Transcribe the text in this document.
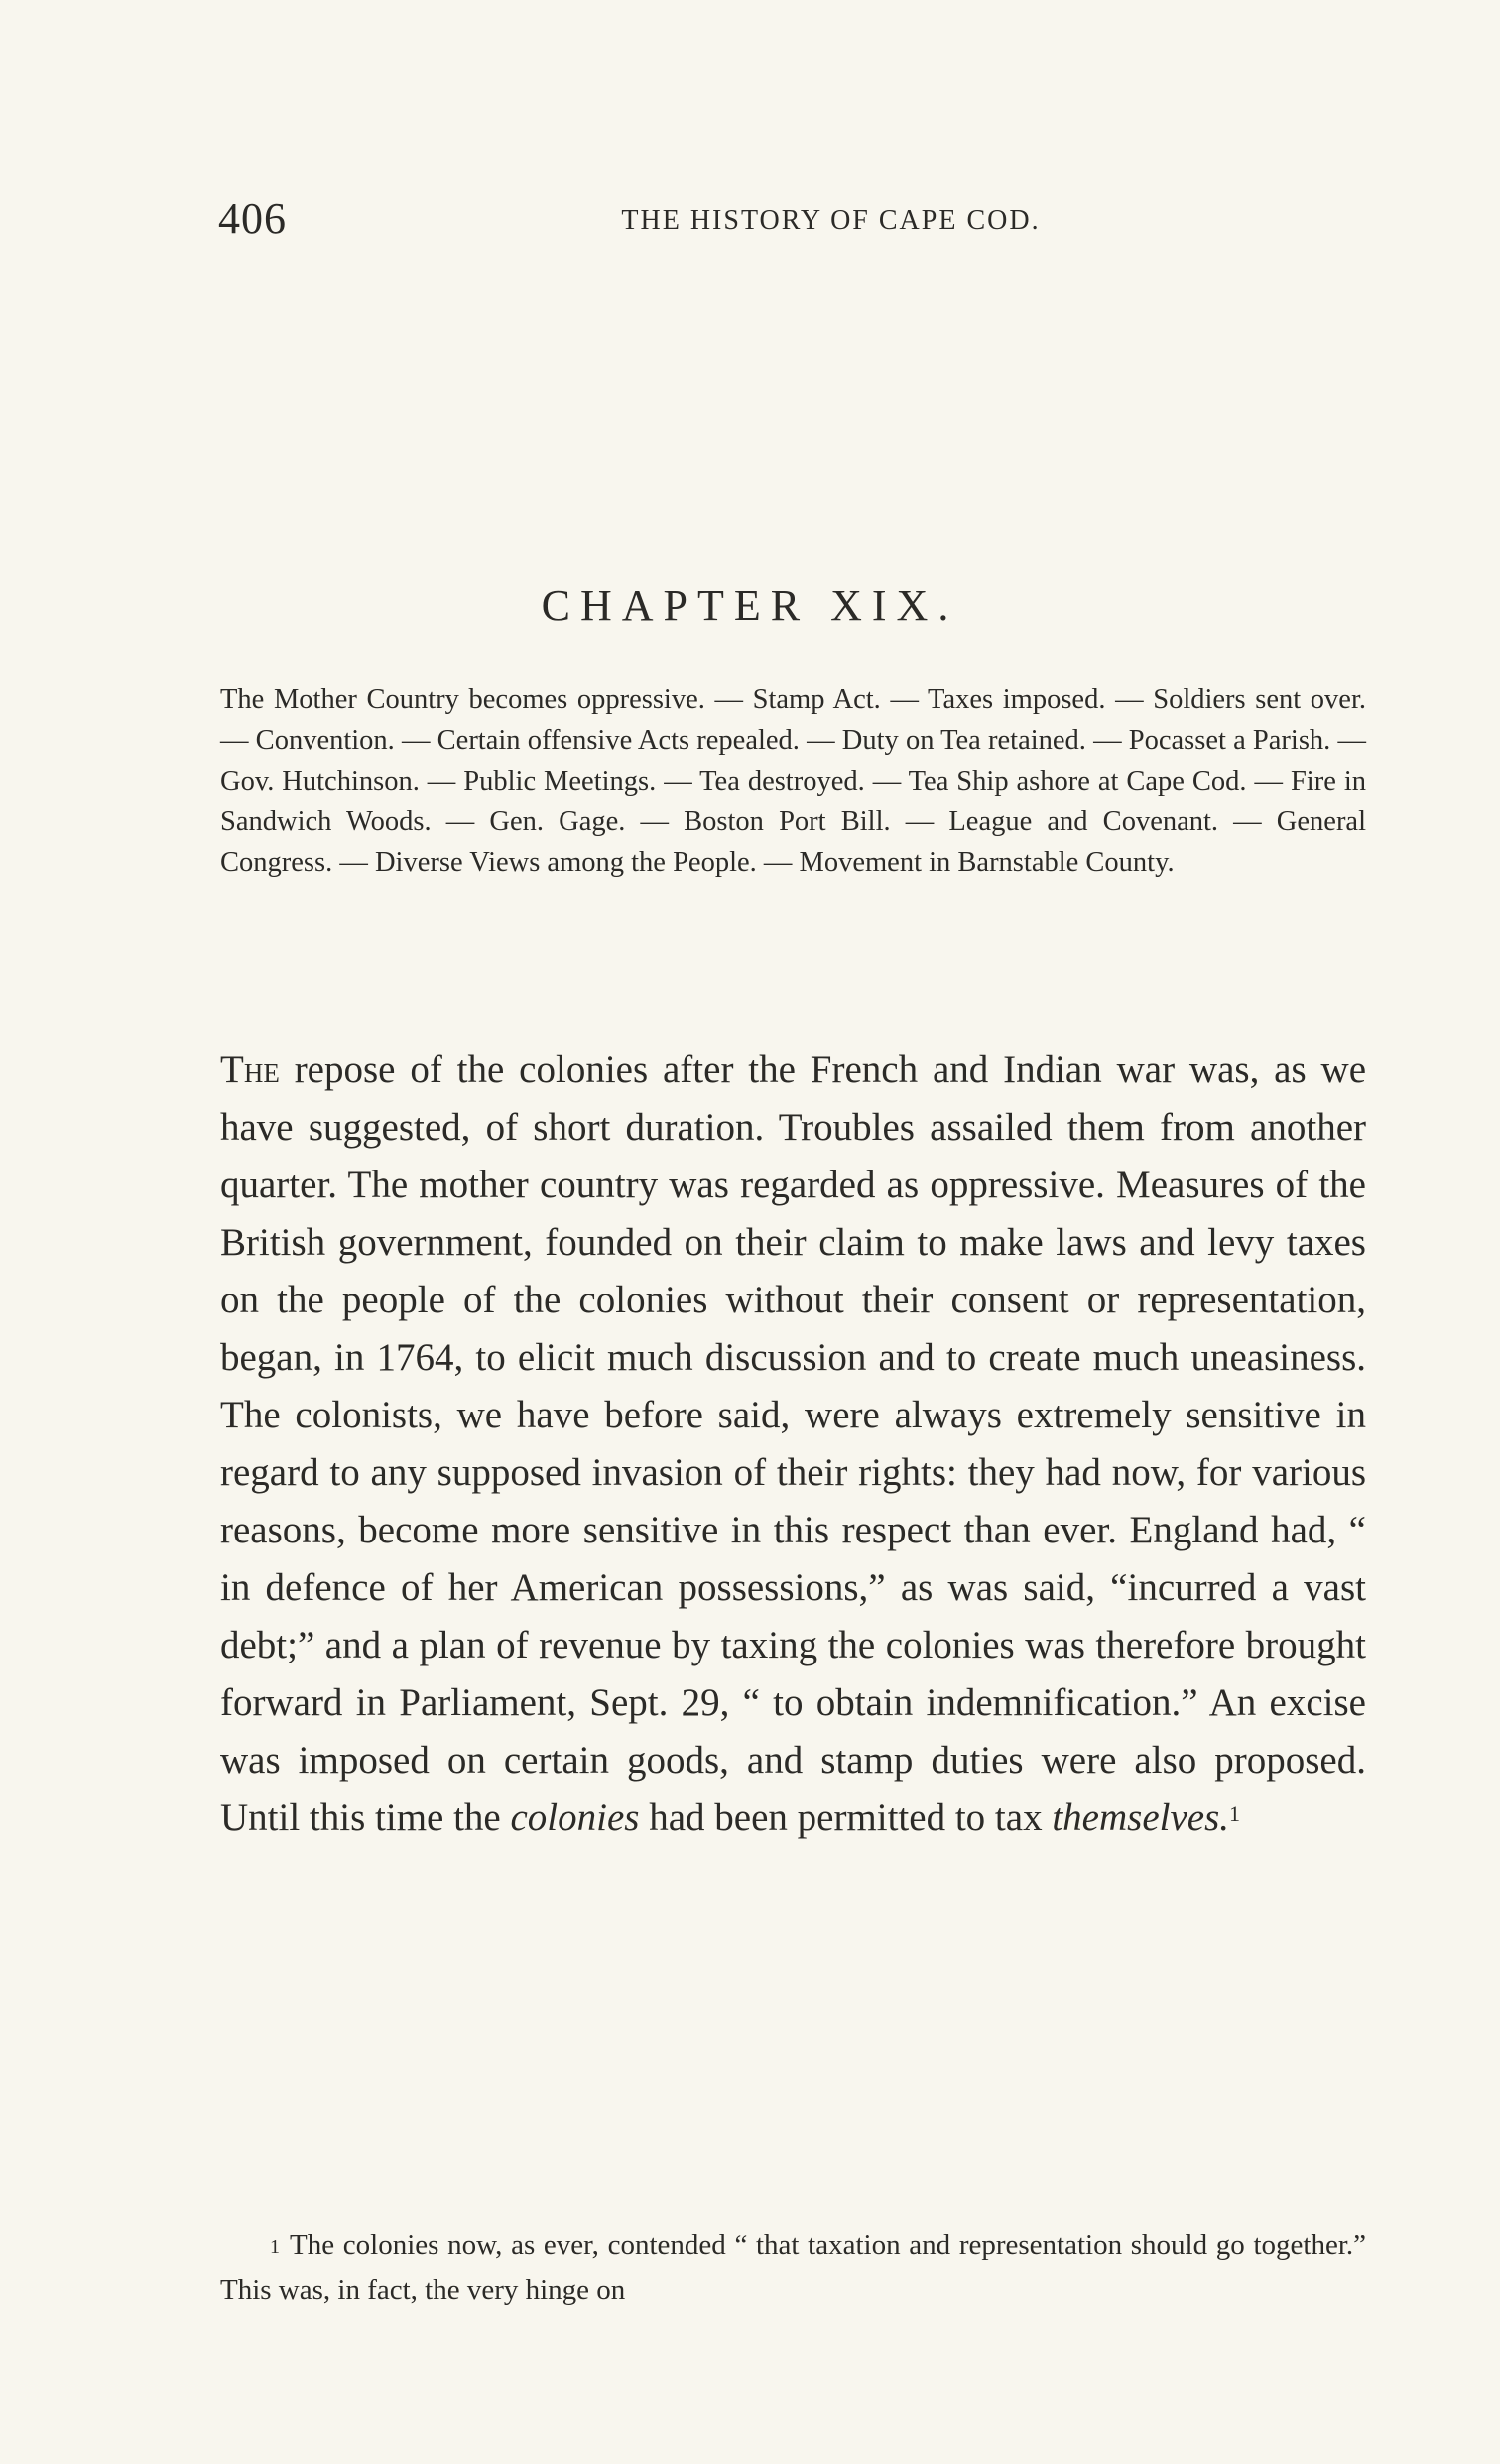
406	THE HISTORY OF CAPE COD.
CHAPTER XIX.

The Mother Country becomes oppressive. — Stamp Act. — Taxes imposed. — Soldiers sent over. — Convention. — Certain offensive Acts repealed. — Duty on Tea retained. — Pocasset a Parish. — Gov. Hutchinson. — Public Meetings. — Tea destroyed. — Tea Ship ashore at Cape Cod. — Fire in Sandwich Woods. — Gen. Gage. — Boston Port Bill. — League and Covenant. — General Congress. — Diverse Views among the People. — Movement in Barnstable County.

The repose of the colonies after the French and Indian war was, as we have suggested, of short duration. Troubles assailed them from another quarter. The mother country was regarded as oppressive. Measures of the British government, founded on their claim to make laws and levy taxes on the people of the colonies without their consent or representation, began, in 1764, to elicit much discussion and to create much uneasiness. The colonists, we have before said, were always extremely sensitive in regard to any supposed invasion of their rights: they had now, for various reasons, become more sensitive in this respect than ever. England had, “ in defence of her American possessions,” as was said, “incurred a vast debt;” and a plan of revenue by taxing the colonies was therefore brought forward in Parliament, Sept. 29, “ to obtain indemnification.” An excise was imposed on certain goods, and stamp duties were also proposed. Until this time the colonies had been permitted to tax themselves.$^1$

$^1$ The colonies now, as ever, contended “ that taxation and representation should go together.” This was, in fact, the very hinge on
